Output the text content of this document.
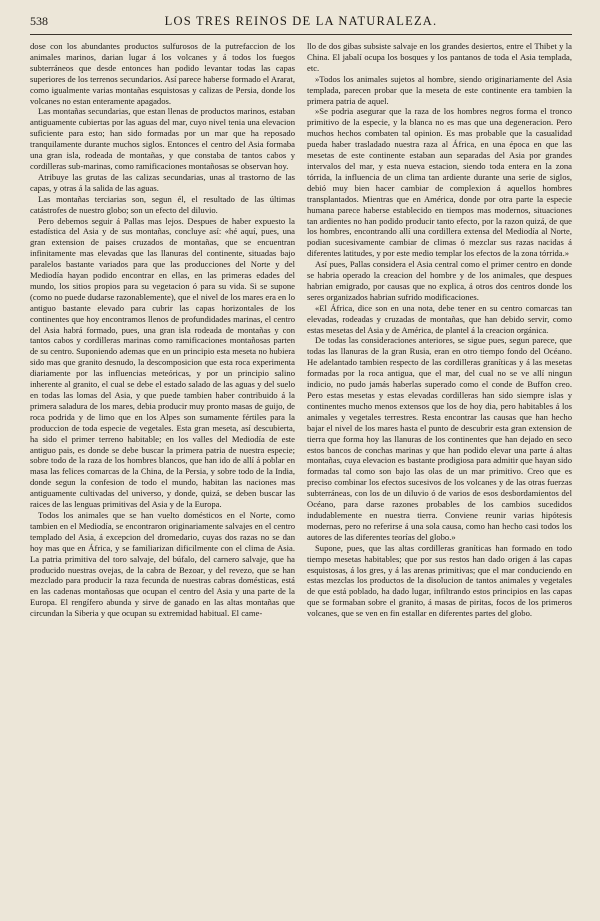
538	LOS TRES REINOS DE LA NATURALEZA.

dose con los abundantes productos sulfurosos de la putrefaccion de los animales marinos, darian lugar á los volcanes y á todos los fuegos subterráneos que desde entonces han podido levantar todas las capas superiores de los terrenos secundarios. Así parece haberse formado el Ararat, como igualmente varias montañas esquistosas y calizas de Persia, donde los volcanes no estan enteramente apagados.

Las montañas secundarias, que estan llenas de productos marinos, estaban antiguamente cubiertas por las aguas del mar, cuyo nivel tenia una elevacion suficiente para esto; han sido formadas por un mar que ha reposado tranquilamente durante muchos siglos. Entonces el centro del Asia formaba una gran isla, rodeada de montañas, y que constaba de tantos cabos y cordilleras sub-marinas, como ramificaciones montañosas se observan hoy.

Atribuye las grutas de las calizas secundarias, unas al trastorno de las capas, y otras á la salida de las aguas.

Las montañas terciarias son, segun él, el resultado de las últimas catástrofes de nuestro globo; son un efecto del diluvio.

Pero debemos seguir á Pallas mas lejos. Despues de haber expuesto la estadística del Asia y de sus montañas, concluye así: «hé aquí, pues, una gran extension de paises cruzados de montañas, que se encuentran infinitamente mas elevadas que las llanuras del continente, situadas bajo paralelos bastante variados para que las producciones del Norte y del Mediodía hayan podido encontrar en ellas, en las primeras edades del mundo, los sitios propios para su vegetacion ó para su vida. Si se supone (como no puede dudarse razonablemente), que el nivel de los mares era en lo antiguo bastante elevado para cubrir las capas horizontales de los continentes que hoy encontramos llenos de profundidades marinas, el centro del Asia habrá formado, pues, una gran isla rodeada de montañas y con tantos cabos y cordilleras marinas como ramificaciones montañosas parten de su centro. Suponiendo ademas que en un principio esta meseta no hubiera sido mas que granito desnudo, la descomposicion que esta roca experimenta diariamente por las influencias meteóricas, y por un principio salino inherente al granito, el cual se debe el estado salado de las aguas y del suelo en todas las lomas del Asia, y que puede tambien haber contribuido á la primera saladura de los mares, debia producir muy pronto masas de guijo, de roca podrida y de limo que en los Alpes son sumamente fértiles para la produccion de toda especie de vegetales. Esta gran meseta, así descubierta, ha sido el primer terreno habitable; en los valles del Mediodía de este antiguo pais, es donde se debe buscar la primera patria de nuestra especie; sobre todo de la raza de los hombres blancos, que han ido de allí á poblar en masa las felices comarcas de la China, de la Persia, y sobre todo de la India, donde segun la confesion de todo el mundo, habitan las naciones mas antiguamente cultivadas del universo, y donde, quizá, se deben buscar las raices de las lenguas primitivas del Asia y de la Europa.

Todos los animales que se han vuelto domésticos en el Norte, como tambien en el Mediodía, se encontraron originariamente salvajes en el centro templado del Asia, á excepcion del dromedario, cuyas dos razas no se dan hoy mas que en África, y se familiarizan dificilmente con el clima de Asia. La patria primitiva del toro salvaje, del búfalo, del carnero salvaje, que ha producido nuestras ovejas, de la cabra de Bezoar, y del revezo, que se han mezclado para producir la raza fecunda de nuestras cabras domésticas, está en las cadenas montañosas que ocupan el centro del Asia y una parte de la Europa. El rengífero abunda y sirve de ganado en las altas montañas que circundan la Siberia y que ocupan su extremidad habitual. El came-

llo de dos gibas subsiste salvaje en los grandes desiertos, entre el Thibet y la China. El jabalí ocupa los bosques y los pantanos de toda el Asia templada, etc.

»Todos los animales sujetos al hombre, siendo originariamente del Asia templada, parecen probar que la meseta de este continente era tambien la primera patria de aquel.

»Se podria asegurar que la raza de los hombres negros forma el tronco primitivo de la especie, y la blanca no es mas que una degeneracion. Pero muchos hechos combaten tal opinion. Es mas probable que la casualidad pueda haber trasladado nuestra raza al África, en una época en que las mesetas de este continente estaban aun separadas del Asia por grandes intervalos del mar, y esta nueva estacion, siendo toda entera en la zona tórrida, la influencia de un clima tan ardiente durante una serie de siglos, debió muy bien hacer cambiar de complexion á aquellos hombres transplantados. Mientras que en América, donde por otra parte la especie humana parece haberse establecido en tiempos mas modernos, situaciones tan ardientes no han podido producir tanto efecto, por la razon quizá, de que los hombres, encontrando allí una cordillera extensa del Mediodía al Norte, podian sucesivamente cambiar de climas ó mezclar sus razas nacidas á diferentes latitudes, y por este medio templar los efectos de la zona tórrida.»

Así pues, Pallas considera el Asia central como el primer centro en donde se habria operado la creacion del hombre y de los animales, que despues habrian emigrado, por causas que no explica, á otros dos centros donde los seres organizados habrian sufrido modificaciones.

«El África, dice son en una nota, debe tener en su centro comarcas tan elevadas, rodeadas y cruzadas de montañas, que han debido servir, como estas mesetas del Asia y de América, de plantel á la creacion orgánica.

De todas las consideraciones anteriores, se sigue pues, segun parece, que todas las llanuras de la gran Rusia, eran en otro tiempo fondo del Océano. He adelantado tambien respecto de las cordilleras graníticas y á las mesetas formadas por la roca antigua, que el mar, del cual no se ve allí ningun indicio, no pudo jamás haberlas superado como el conde de Buffon creo. Pero estas mesetas y estas elevadas cordilleras han sido siempre islas y continentes mucho menos extensos que los de hoy dia, pero habitables á los animales y vegetales terrestres. Resta encontrar las causas que han hecho bajar el nivel de los mares hasta el punto de descubrir esta gran extension de tierra que forma hoy las llanuras de los continentes que han dejado en seco estos bancos de conchas marinas y que han podido elevar una parte á altas montañas, cuya elevacion es bastante prodigiosa para admitir que hayan sido formadas tal como son bajo las olas de un mar primitivo. Creo que es preciso combinar los efectos sucesivos de los volcanes y de las otras fuerzas subterráneas, con los de un diluvio ó de varios de esos desbordamientos del Océano, para darse razones probables de los cambios sucedidos indudablemente en nuestra tierra. Conviene reunir varias hipótesis modernas, pero no referirse á una sola causa, como han hecho casi todos los autores de las diferentes teorías del globo.»

Supone, pues, que las altas cordilleras graníticas han formado en todo tiempo mesetas habitables; que por sus restos han dado origen á las capas esquistosas, á los gres, y á las arenas primitivas; que el mar conduciendo en estas mezclas los productos de la disolucion de tantos animales y vegetales de que está poblado, ha dado lugar, infiltrando estos principios en las capas que se formaban sobre el granito, á masas de piritas, focos de los primeros volcanes, que se ven en fin estallar en diferentes partes del globo.
